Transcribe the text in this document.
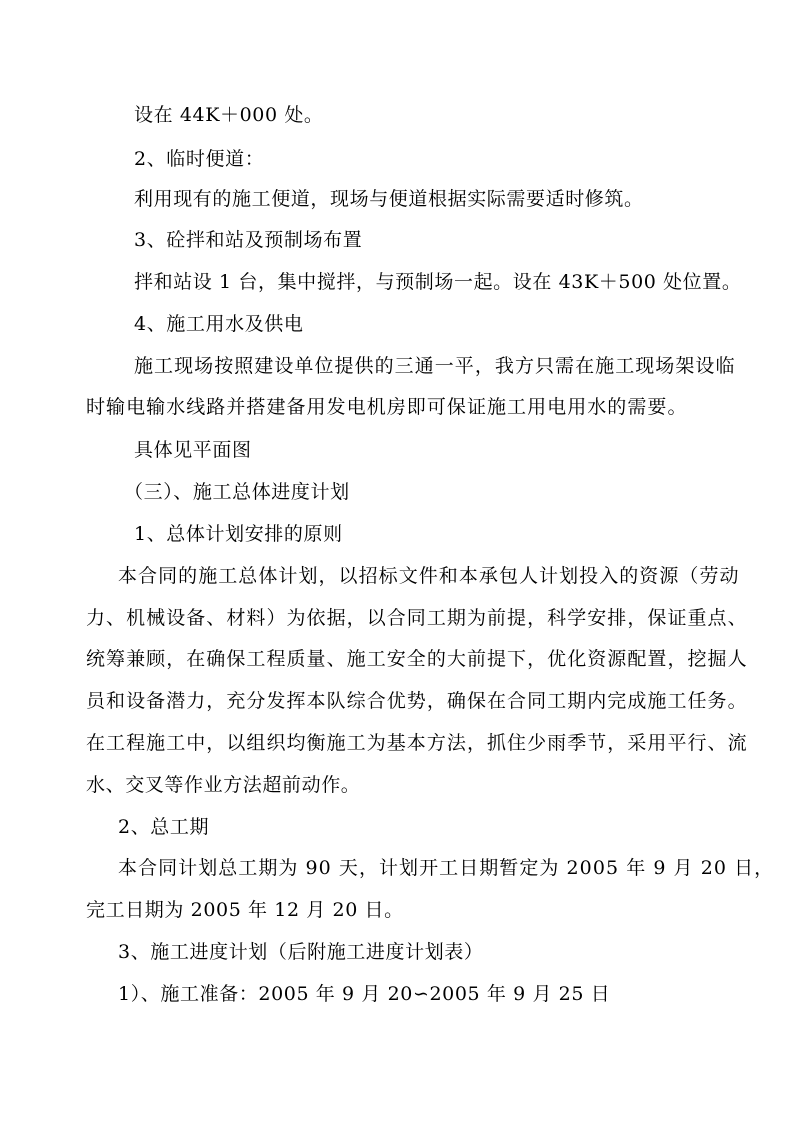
设在 44K＋000 处。
2、临时便道：
利用现有的施工便道，现场与便道根据实际需要适时修筑。
3、砼拌和站及预制场布置
拌和站设 1 台，集中搅拌，与预制场一起。设在 43K＋500 处位置。
4、施工用水及供电
施工现场按照建设单位提供的三通一平，我方只需在施工现场架设临
时输电输水线路并搭建备用发电机房即可保证施工用电用水的需要。
具体见平面图
（三）、施工总体进度计划
1、总体计划安排的原则
本合同的施工总体计划，以招标文件和本承包人计划投入的资源（劳动
力、机械设备、材料）为依据，以合同工期为前提，科学安排，保证重点、
统筹兼顾，在确保工程质量、施工安全的大前提下，优化资源配置，挖掘人
员和设备潜力，充分发挥本队综合优势，确保在合同工期内完成施工任务。
在工程施工中，以组织均衡施工为基本方法，抓住少雨季节，采用平行、流
水、交叉等作业方法超前动作。
2、总工期
本合同计划总工期为 90 天，计划开工日期暂定为 2005 年 9 月 20 日，
完工日期为 2005 年 12 月 20 日。
3、施工进度计划（后附施工进度计划表）
1）、施工准备：2005 年 9 月 20∽2005 年 9 月 25 日
